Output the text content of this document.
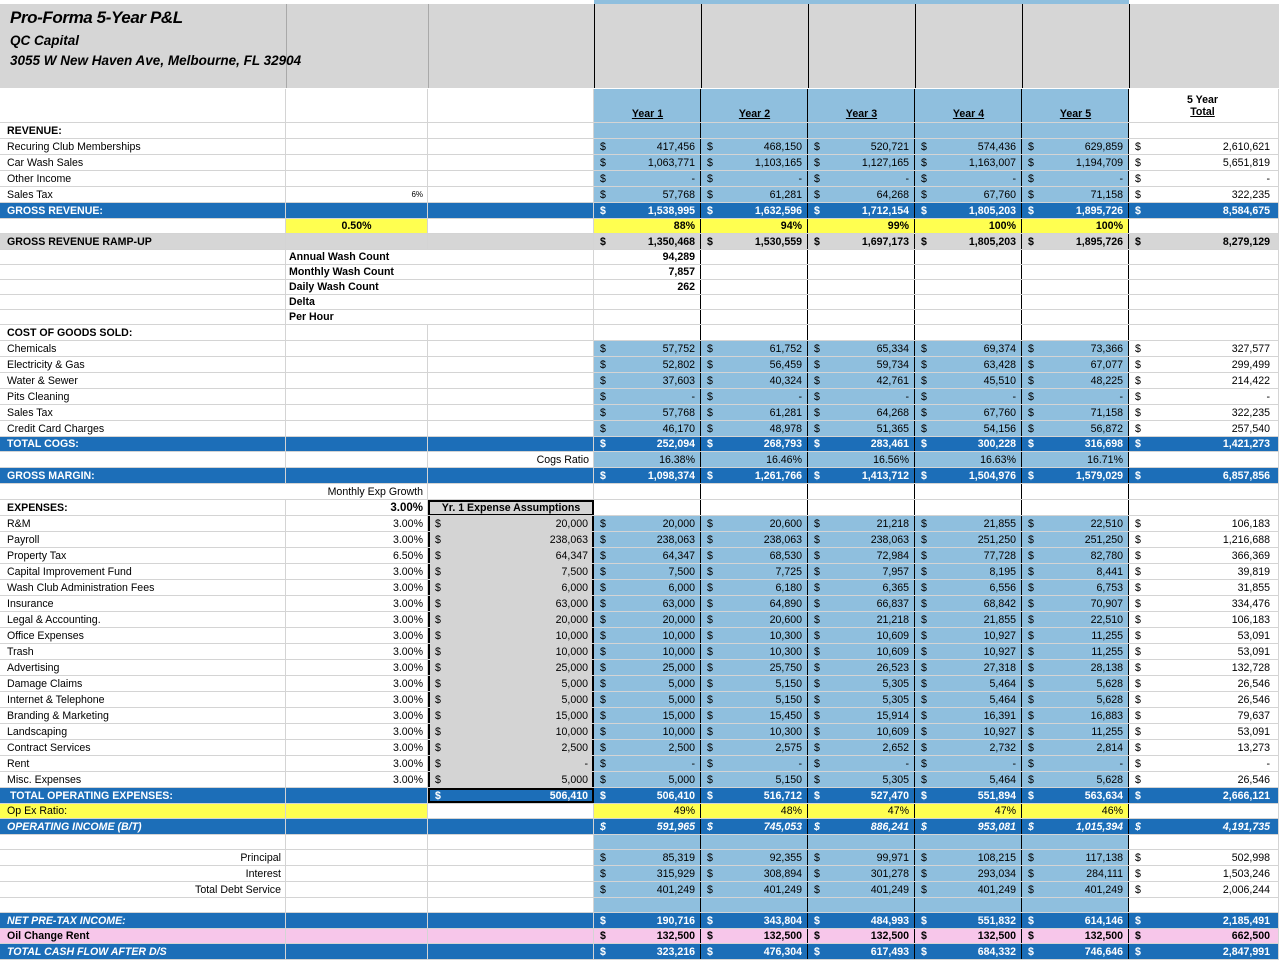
Pro-Forma 5-Year P&L
QC Capital
3055 W New Haven Ave, Melbourne, FL 32904
Year 1	Year 2	Year 3	Year 4	Year 5
5 Year
Total
REVENUE:
Recuring Club Memberships	$	417,456 $	468,150 $	520,721 $	574,436 $	629,859 $	2,610,621
Car Wash Sales	$	1,063,771 $	1,103,165 $	1,127,165 $	1,163,007 $	1,194,709 $	5,651,819
Other Income	$	- $	- $	- $	- $	- $	-
Sales Tax	6%	$	57,768 $	61,281 $	64,268 $	67,760 $	71,158 $	322,235
GROSS REVENUE:	$	1,538,995 $	1,632,596 $	1,712,154 $	1,805,203 $	1,895,726 $	8,584,675
0.50%	88%	94%	99%	100%	100%
GROSS REVENUE RAMP-UP	$	1,350,468 $	1,530,559 $	1,697,173 $	1,805,203 $	1,895,726 $	8,279,129
Annual Wash Count	94,289
Monthly Wash Count	7,857
Daily Wash Count	262
Delta
Per Hour
COST OF GOODS SOLD:
Chemicals	$	57,752 $	61,752 $	65,334 $	69,374 $	73,366 $	327,577
Electricity & Gas	$	52,802 $	56,459 $	59,734 $	63,428 $	67,077 $	299,499
Water & Sewer	$	37,603 $	40,324 $	42,761 $	45,510 $	48,225 $	214,422
Pits Cleaning	$	- $	- $	- $	- $	- $	-
Sales Tax	$	57,768 $	61,281 $	64,268 $	67,760 $	71,158 $	322,235
Credit Card Charges	$	46,170 $	48,978 $	51,365 $	54,156 $	56,872 $	257,540
TOTAL COGS:	$	252,094 $	268,793 $	283,461 $	300,228 $	316,698 $	1,421,273
Cogs Ratio	16.38%	16.46%	16.56%	16.63%	16.71%
GROSS MARGIN:	$	1,098,374 $	1,261,766 $	1,413,712 $	1,504,976 $	1,579,029 $	6,857,856
Monthly Exp Growth
EXPENSES:	3.00% Yr. 1 Expense Assumptions
R&M	3.00% $	20,000 $	20,000 $	20,600 $	21,218 $	21,855 $	22,510 $	106,183
Payroll	3.00% $	238,063 $	238,063 $	238,063 $	238,063 $	251,250 $	251,250 $	1,216,688
Property Tax	6.50% $	64,347 $	64,347 $	68,530 $	72,984 $	77,728 $	82,780 $	366,369
Capital Improvement Fund	3.00% $	7,500 $	7,500 $	7,725 $	7,957 $	8,195 $	8,441 $	39,819
Wash Club Administration Fees	3.00% $	6,000 $	6,000 $	6,180 $	6,365 $	6,556 $	6,753 $	31,855
Insurance	3.00% $	63,000 $	63,000 $	64,890 $	66,837 $	68,842 $	70,907 $	334,476
Legal & Accounting.	3.00% $	20,000 $	20,000 $	20,600 $	21,218 $	21,855 $	22,510 $	106,183
Office Expenses	3.00% $	10,000 $	10,000 $	10,300 $	10,609 $	10,927 $	11,255 $	53,091
Trash	3.00% $	10,000 $	10,000 $	10,300 $	10,609 $	10,927 $	11,255 $	53,091
Advertising	3.00% $	25,000 $	25,000 $	25,750 $	26,523 $	27,318 $	28,138 $	132,728
Damage Claims	3.00% $	5,000 $	5,000 $	5,150 $	5,305 $	5,464 $	5,628 $	26,546
Internet & Telephone	3.00% $	5,000 $	5,000 $	5,150 $	5,305 $	5,464 $	5,628 $	26,546
Branding & Marketing	3.00% $	15,000 $	15,000 $	15,450 $	15,914 $	16,391 $	16,883 $	79,637
Landscaping	3.00% $	10,000 $	10,000 $	10,300 $	10,609 $	10,927 $	11,255 $	53,091
Contract Services	3.00% $	2,500 $	2,500 $	2,575 $	2,652 $	2,732 $	2,814 $	13,273
Rent	3.00% $	- $	- $	- $	- $	- $	- $	-
Misc. Expenses	3.00% $	5,000 $	5,000 $	5,150 $	5,305 $	5,464 $	5,628 $	26,546
TOTAL OPERATING EXPENSES:	$	506,410 $	506,410 $	516,712 $	527,470 $	551,894 $	563,634 $	2,666,121
Op Ex Ratio:	49%	48%	47%	47%	46%
OPERATING INCOME (B/T)	$	591,965 $	745,053 $	886,241 $	953,081 $	1,015,394 $	4,191,735
Principal	$	85,319 $	92,355 $	99,971 $	108,215 $	117,138 $	502,998
Interest	$	315,929 $	308,894 $	301,278 $	293,034 $	284,111 $	1,503,246
Total Debt Service	$	401,249 $	401,249 $	401,249 $	401,249 $	401,249 $	2,006,244
NET PRE-TAX INCOME:	$	190,716 $	343,804 $	484,993 $	551,832 $	614,146 $	2,185,491
Oil Change Rent	$	132,500 $	132,500 $	132,500 $	132,500 $	132,500 $	662,500
TOTAL CASH FLOW AFTER D/S	$	323,216 $	476,304 $	617,493 $	684,332 $	746,646 $	2,847,991
